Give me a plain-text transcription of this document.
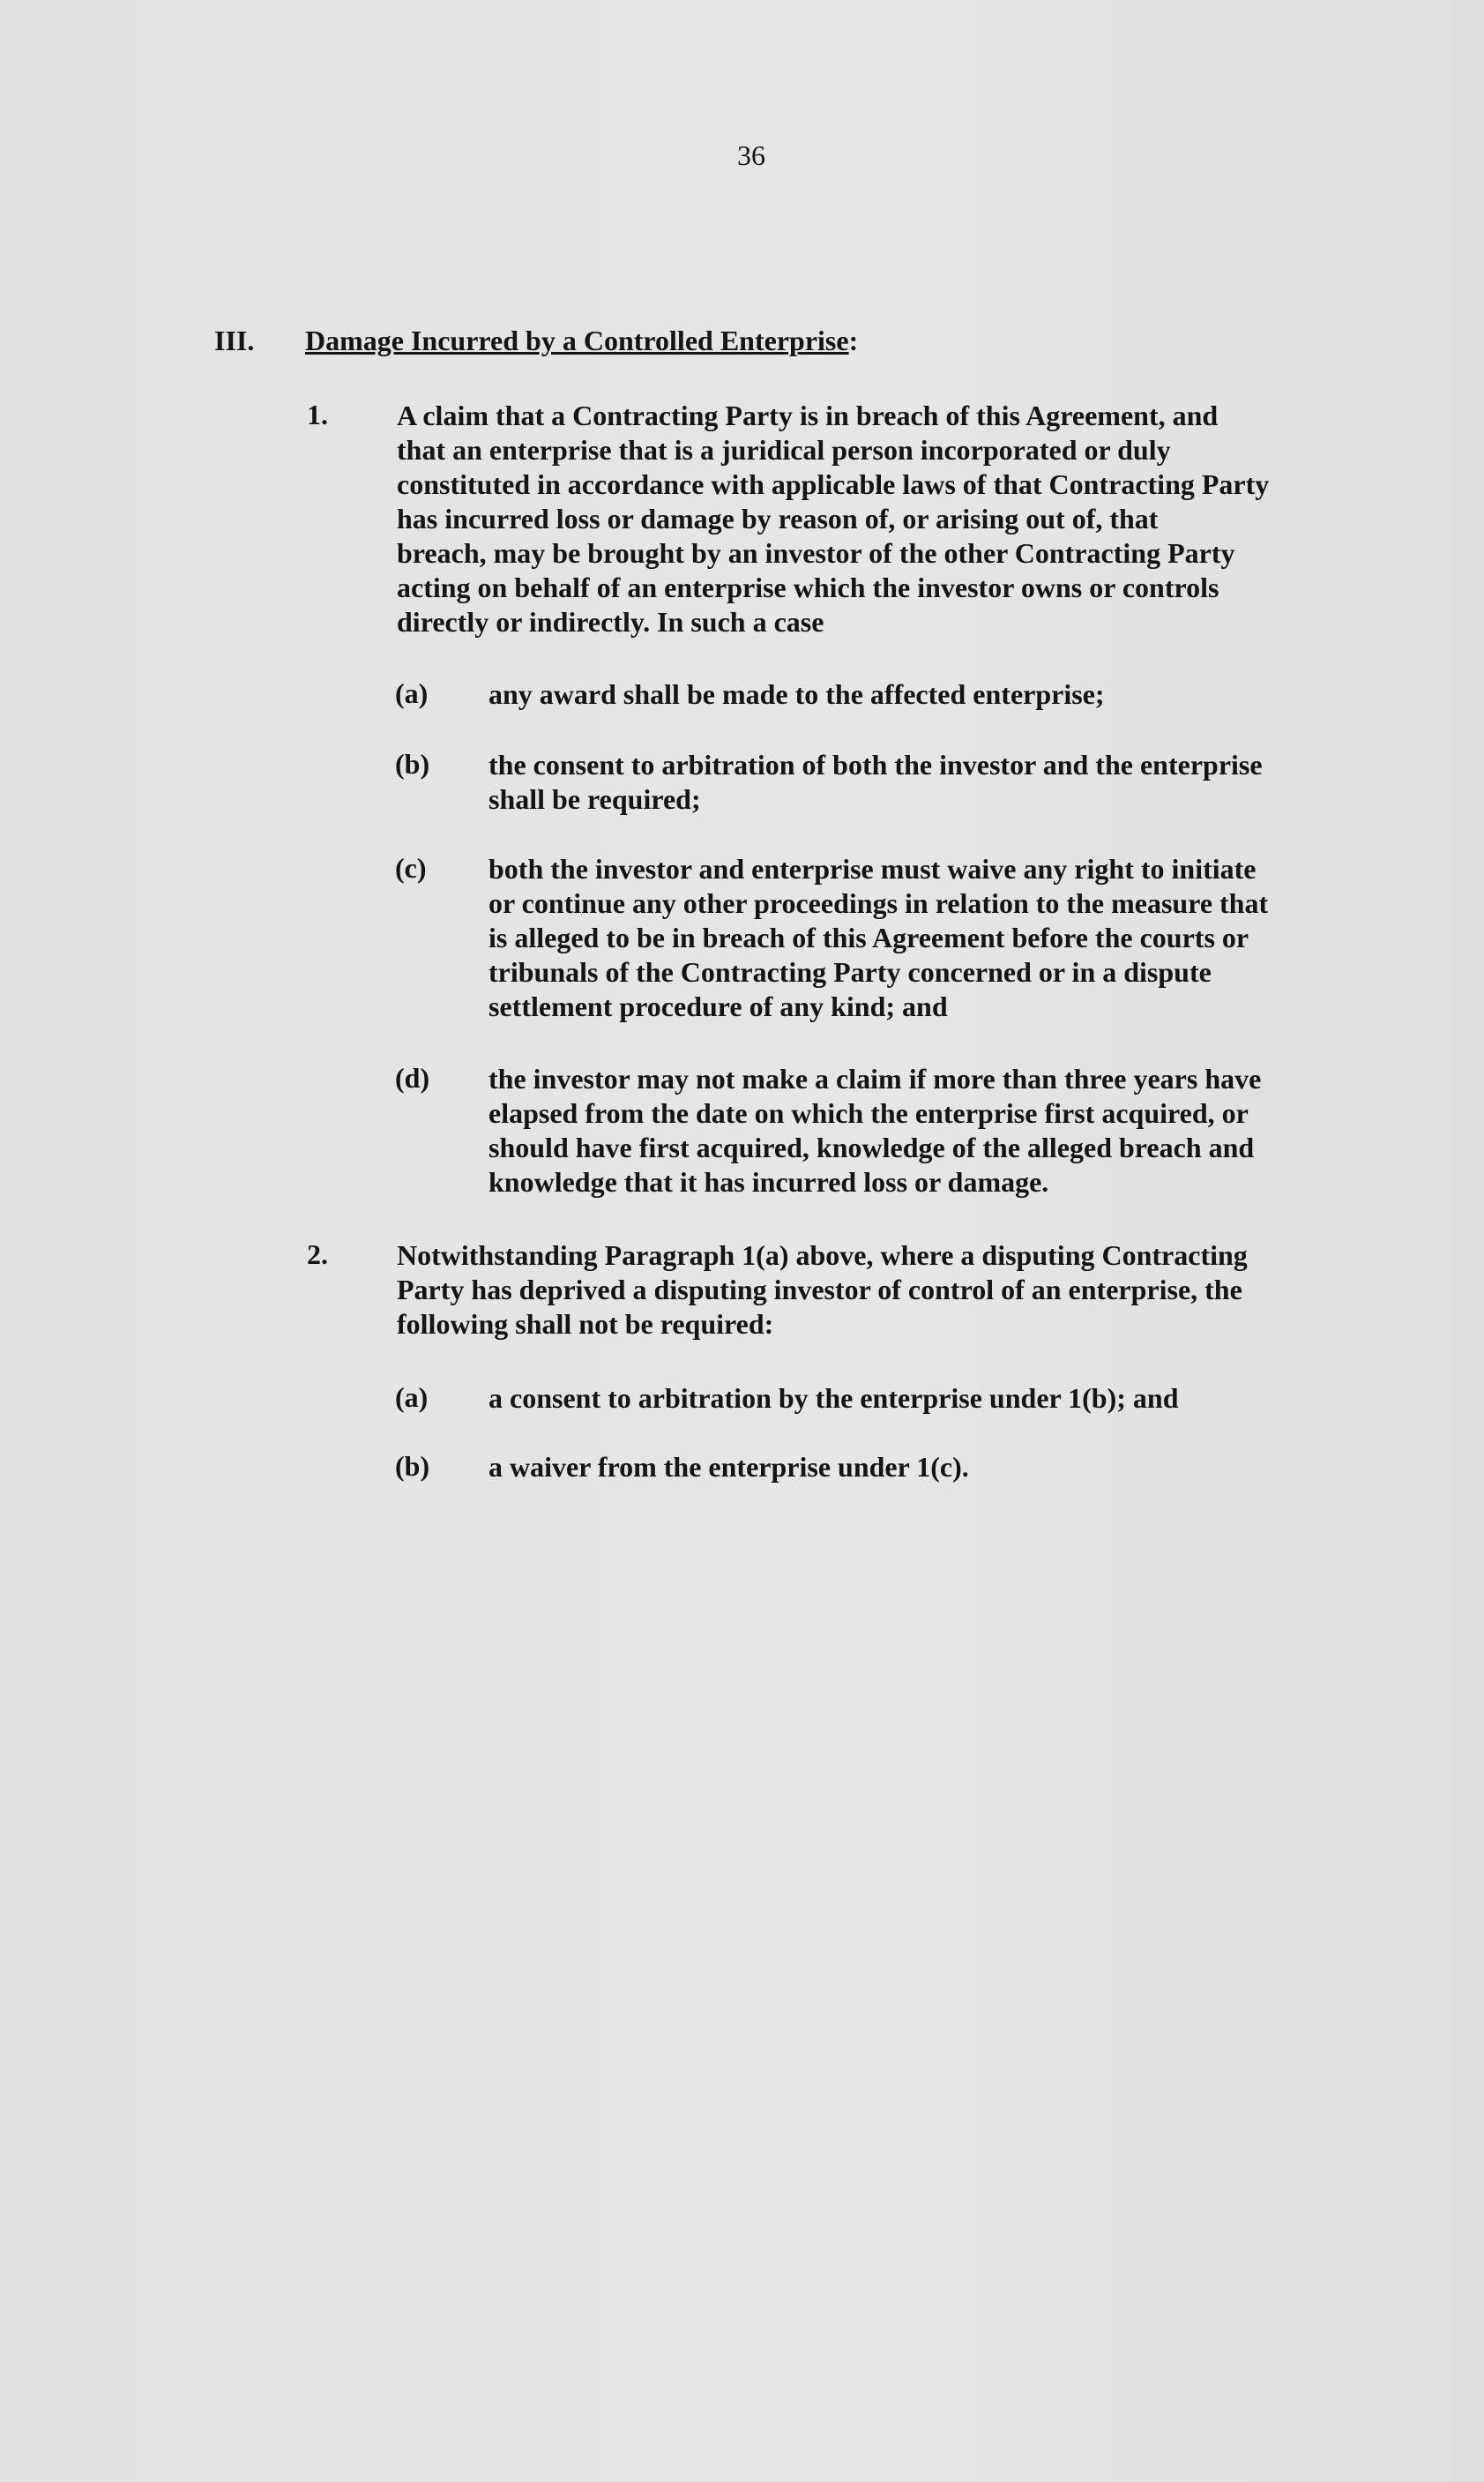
36
III. Damage Incurred by a Controlled Enterprise:
1. A claim that a Contracting Party is in breach of this Agreement, and
that an enterprise that is a juridical person incorporated or duly
constituted in accordance with applicable laws of that Contracting Party
has incurred loss or damage by reason of, or arising out of, that
breach, may be brought by an investor of the other Contracting Party
acting on behalf of an enterprise which the investor owns or controls
directly or indirectly. In such a case
(a) any award shall be made to the affected enterprise;
(b) the consent to arbitration of both the investor and the enterprise
shall be required;
(c) both the investor and enterprise must waive any right to initiate
or continue any other proceedings in relation to the measure that
is alleged to be in breach of this Agreement before the courts or
tribunals of the Contracting Party concerned or in a dispute
settlement procedure of any kind; and
(d) the investor may not make a claim if more than three years have
elapsed from the date on which the enterprise first acquired, or
should have first acquired, knowledge of the alleged breach and
knowledge that it has incurred loss or damage.
2. Notwithstanding Paragraph 1(a) above, where a disputing Contracting
Party has deprived a disputing investor of control of an enterprise, the
following shall not be required:
(a) a consent to arbitration by the enterprise under 1(b); and
(b) a waiver from the enterprise under 1(c).
